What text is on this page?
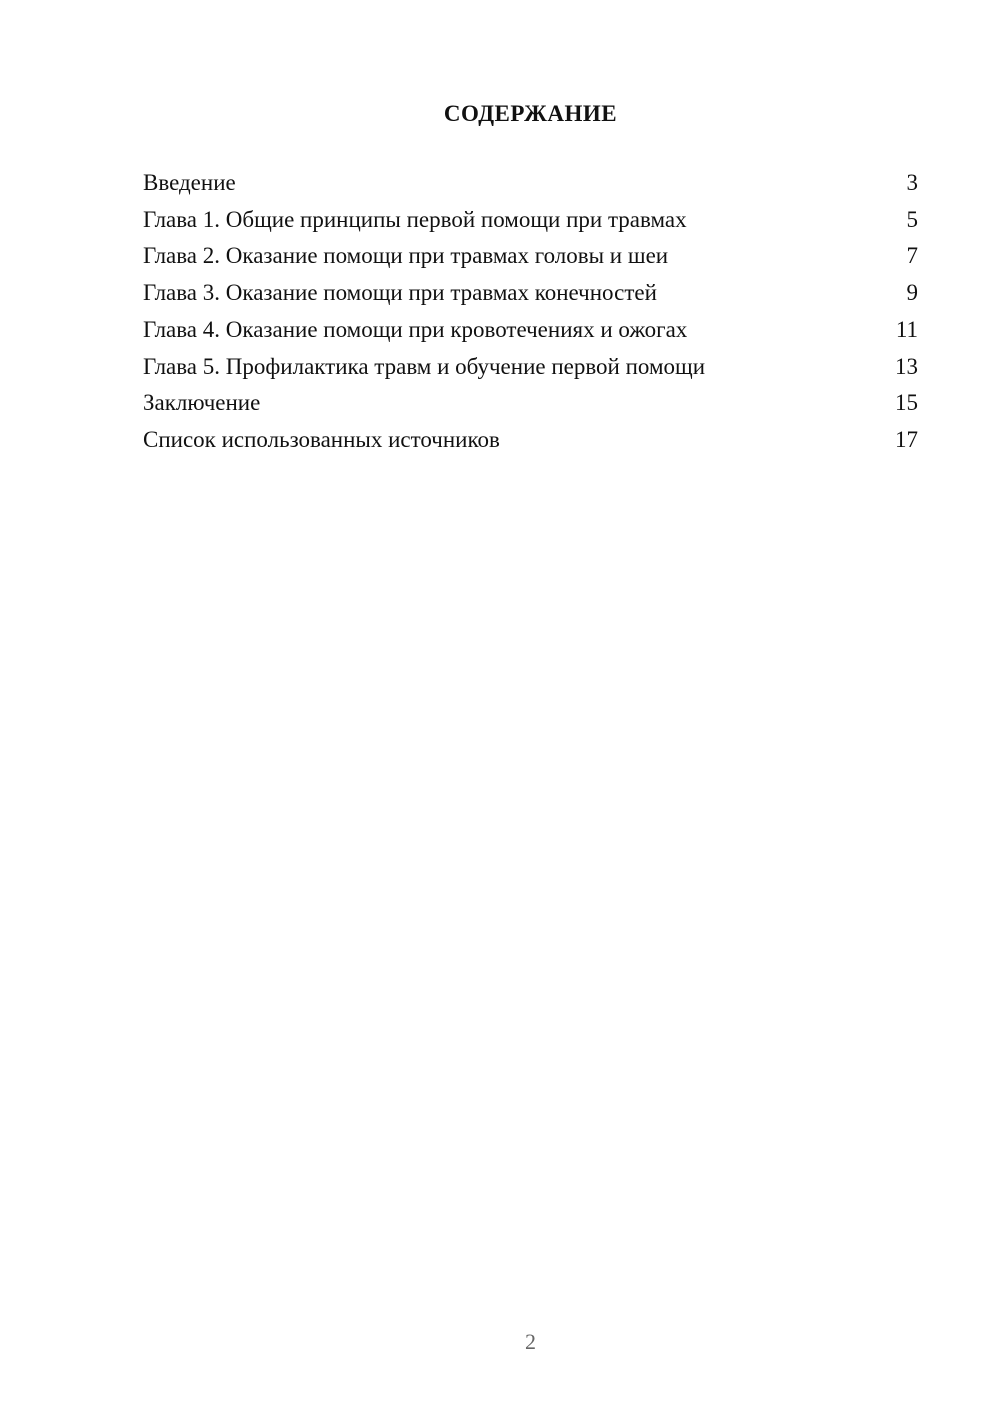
СОДЕРЖАНИЕ
Введение	3
Глава 1. Общие принципы первой помощи при травмах	5
Глава 2. Оказание помощи при травмах головы и шеи	7
Глава 3. Оказание помощи при травмах конечностей	9
Глава 4. Оказание помощи при кровотечениях и ожогах	11
Глава 5. Профилактика травм и обучение первой помощи	13
Заключение	15
Список использованных источников	17
2
